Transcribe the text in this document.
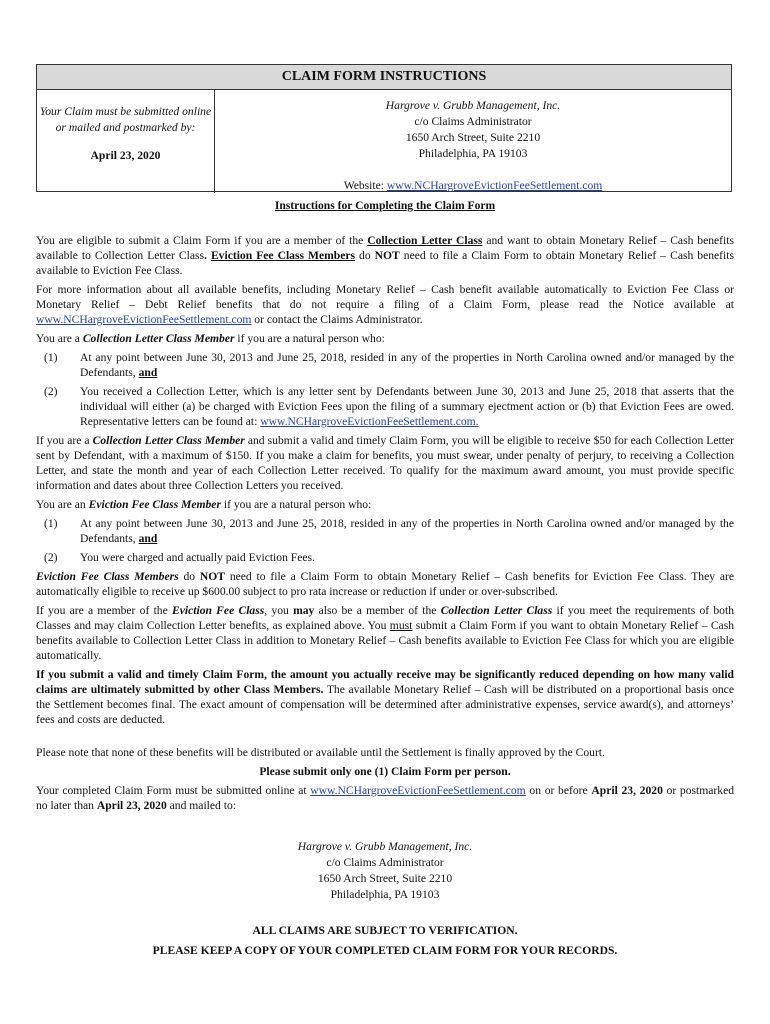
CLAIM FORM INSTRUCTIONS
Your Claim must be submitted online or mailed and postmarked by:
April 23, 2020
Hargrove v. Grubb Management, Inc.
c/o Claims Administrator
1650 Arch Street, Suite 2210
Philadelphia, PA 19103
Website: www.NCHargroveEvictionFeeSettlement.com
Instructions for Completing the Claim Form

You are eligible to submit a Claim Form if you are a member of the Collection Letter Class and want to obtain Monetary Relief – Cash benefits available to Collection Letter Class. Eviction Fee Class Members do NOT need to file a Claim Form to obtain Monetary Relief – Cash benefits available to Eviction Fee Class.

For more information about all available benefits, including Monetary Relief – Cash benefit available automatically to Eviction Fee Class or Monetary Relief – Debt Relief benefits that do not require a filing of a Claim Form, please read the Notice available at www.NCHargroveEvictionFeeSettlement.com or contact the Claims Administrator.

You are a Collection Letter Class Member if you are a natural person who:

(1)	At any point between June 30, 2013 and June 25, 2018, resided in any of the properties in North Carolina owned and/or managed by the Defendants, and
(2)	You received a Collection Letter, which is any letter sent by Defendants between June 30, 2013 and June 25, 2018 that asserts that the individual will either (a) be charged with Eviction Fees upon the filing of a summary ejectment action or (b) that Eviction Fees are owed. Representative letters can be found at: www.NCHargroveEvictionFeeSettlement.com.

If you are a Collection Letter Class Member and submit a valid and timely Claim Form, you will be eligible to receive $50 for each Collection Letter sent by Defendant, with a maximum of $150. If you make a claim for benefits, you must swear, under penalty of perjury, to receiving a Collection Letter, and state the month and year of each Collection Letter received. To qualify for the maximum award amount, you must provide specific information and dates about three Collection Letters you received.

You are an Eviction Fee Class Member if you are a natural person who:

(1)	At any point between June 30, 2013 and June 25, 2018, resided in any of the properties in North Carolina owned and/or managed by the Defendants, and
(2)	You were charged and actually paid Eviction Fees.

Eviction Fee Class Members do NOT need to file a Claim Form to obtain Monetary Relief – Cash benefits for Eviction Fee Class. They are automatically eligible to receive up $600.00 subject to pro rata increase or reduction if under or over-subscribed.

If you are a member of the Eviction Fee Class, you may also be a member of the Collection Letter Class if you meet the requirements of both Classes and may claim Collection Letter benefits, as explained above. You must submit a Claim Form if you want to obtain Monetary Relief – Cash benefits available to Collection Letter Class in addition to Monetary Relief – Cash benefits available to Eviction Fee Class for which you are eligible automatically.

If you submit a valid and timely Claim Form, the amount you actually receive may be significantly reduced depending on how many valid claims are ultimately submitted by other Class Members. The available Monetary Relief – Cash will be distributed on a proportional basis once the Settlement becomes final. The exact amount of compensation will be determined after administrative expenses, service award(s), and attorneys’ fees and costs are deducted.

Please note that none of these benefits will be distributed or available until the Settlement is finally approved by the Court.

Please submit only one (1) Claim Form per person.

Your completed Claim Form must be submitted online at www.NCHargroveEvictionFeeSettlement.com on or before April 23, 2020 or postmarked no later than April 23, 2020 and mailed to:

Hargrove v. Grubb Management, Inc.
c/o Claims Administrator
1650 Arch Street, Suite 2210
Philadelphia, PA 19103
ALL CLAIMS ARE SUBJECT TO VERIFICATION.
PLEASE KEEP A COPY OF YOUR COMPLETED CLAIM FORM FOR YOUR RECORDS.
